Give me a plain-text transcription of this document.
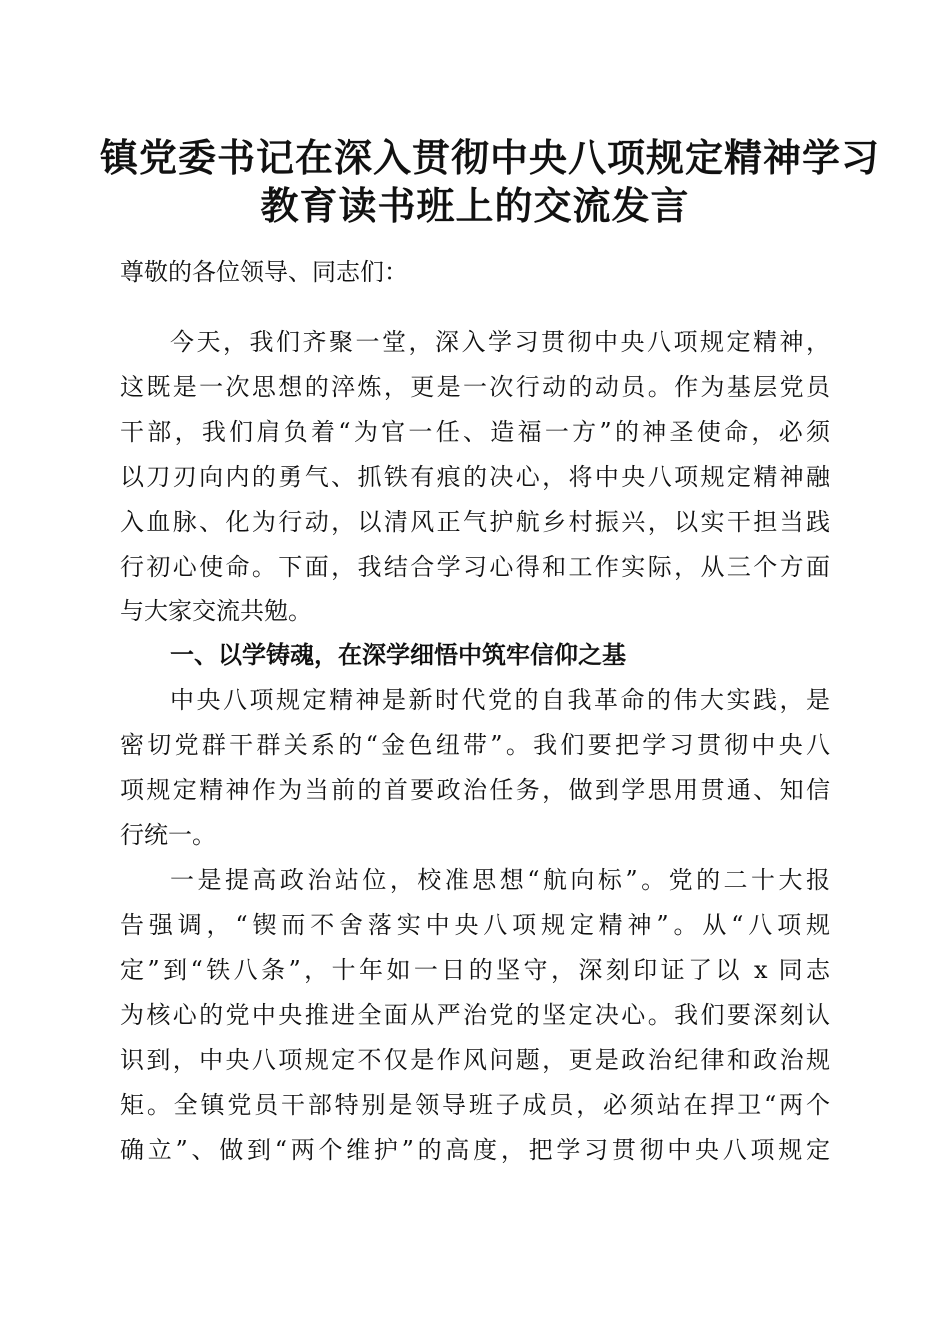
镇党委书记在深入贯彻中央八项规定精神学习
教育读书班上的交流发言
尊敬的各位领导、同志们：
今天，我们齐聚一堂，深入学习贯彻中央八项规定精神，
这既是一次思想的淬炼，更是一次行动的动员。作为基层党员
干部，我们肩负着“为官一任、造福一方”的神圣使命，必须
以刀刃向内的勇气、抓铁有痕的决心，将中央八项规定精神融
入血脉、化为行动，以清风正气护航乡村振兴，以实干担当践
行初心使命。下面，我结合学习心得和工作实际，从三个方面
与大家交流共勉。
一、以学铸魂，在深学细悟中筑牢信仰之基
中央八项规定精神是新时代党的自我革命的伟大实践，是
密切党群干群关系的“金色纽带”。我们要把学习贯彻中央八
项规定精神作为当前的首要政治任务，做到学思用贯通、知信
行统一。
一是提高政治站位，校准思想“航向标”。党的二十大报
告强调，“锲而不舍落实中央八项规定精神”。从“八项规
定”到“铁八条”，十年如一日的坚守，深刻印证了以 x 同志
为核心的党中央推进全面从严治党的坚定决心。我们要深刻认
识到，中央八项规定不仅是作风问题，更是政治纪律和政治规
矩。全镇党员干部特别是领导班子成员，必须站在捍卫“两个
确立”、做到“两个维护”的高度，把学习贯彻中央八项规定
